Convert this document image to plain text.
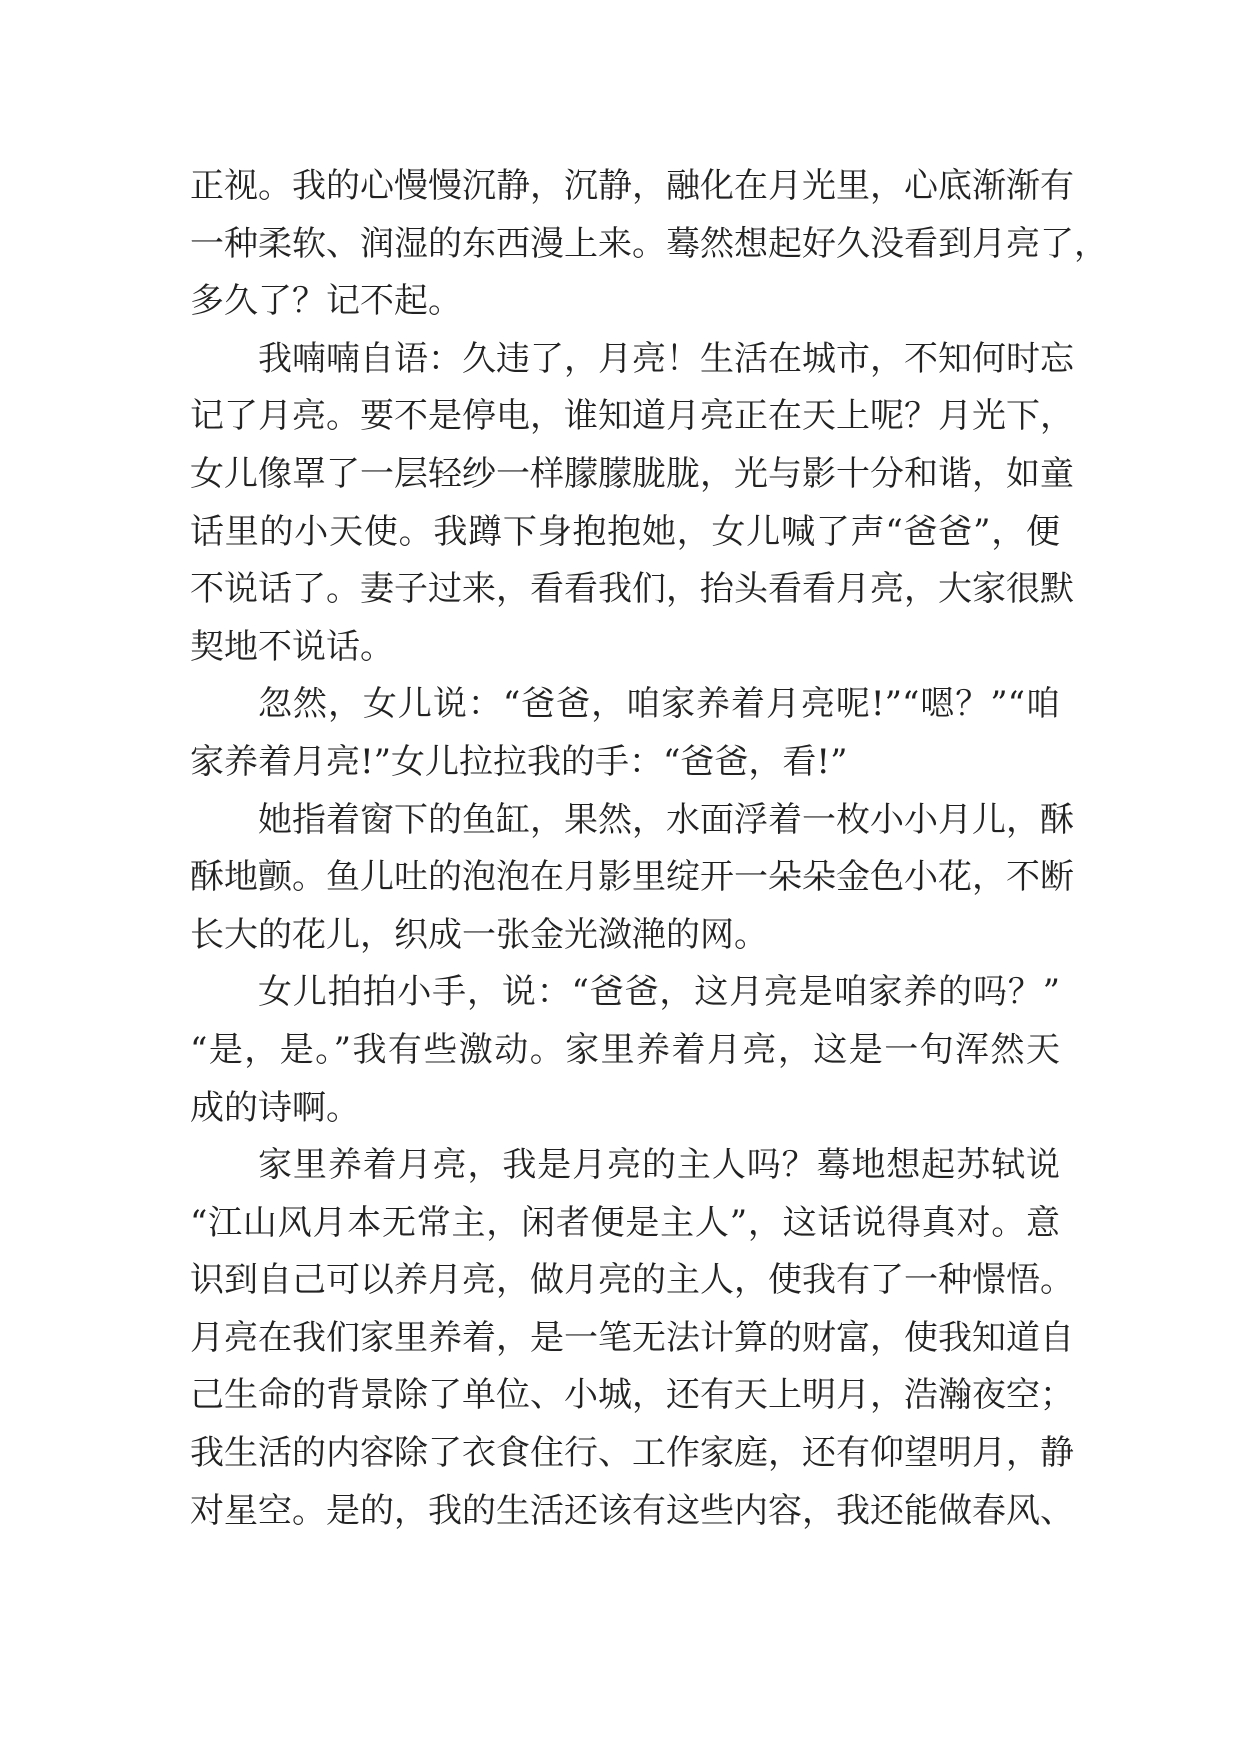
正视。我的心慢慢沉静，沉静，融化在月光里，心底渐渐有
一种柔软、润湿的东西漫上来。蓦然想起好久没看到月亮了，
多久了？记不起。
我喃喃自语：久违了，月亮！生活在城市，不知何时忘
记了月亮。要不是停电，谁知道月亮正在天上呢？月光下，
女儿像罩了一层轻纱一样朦朦胧胧，光与影十分和谐，如童
话里的小天使。我蹲下身抱抱她，女儿喊了声“爸爸”，便
不说话了。妻子过来，看看我们，抬头看看月亮，大家很默
契地不说话。
忽然，女儿说：“爸爸，咱家养着月亮呢!”“嗯？”“咱
家养着月亮!”女儿拉拉我的手：“爸爸，看!”
她指着窗下的鱼缸，果然，水面浮着一枚小小月儿，酥
酥地颤。鱼儿吐的泡泡在月影里绽开一朵朵金色小花，不断
长大的花儿，织成一张金光潋滟的网。
女儿拍拍小手，说：“爸爸，这月亮是咱家养的吗？”
“是，是。”我有些激动。家里养着月亮，这是一句浑然天
成的诗啊。
家里养着月亮，我是月亮的主人吗？蓦地想起苏轼说
“江山风月本无常主，闲者便是主人”，这话说得真对。意
识到自己可以养月亮，做月亮的主人，使我有了一种憬悟。
月亮在我们家里养着，是一笔无法计算的财富，使我知道自
己生命的背景除了单位、小城，还有天上明月，浩瀚夜空；
我生活的内容除了衣食住行、工作家庭，还有仰望明月，静
对星空。是的，我的生活还该有这些内容，我还能做春风、
